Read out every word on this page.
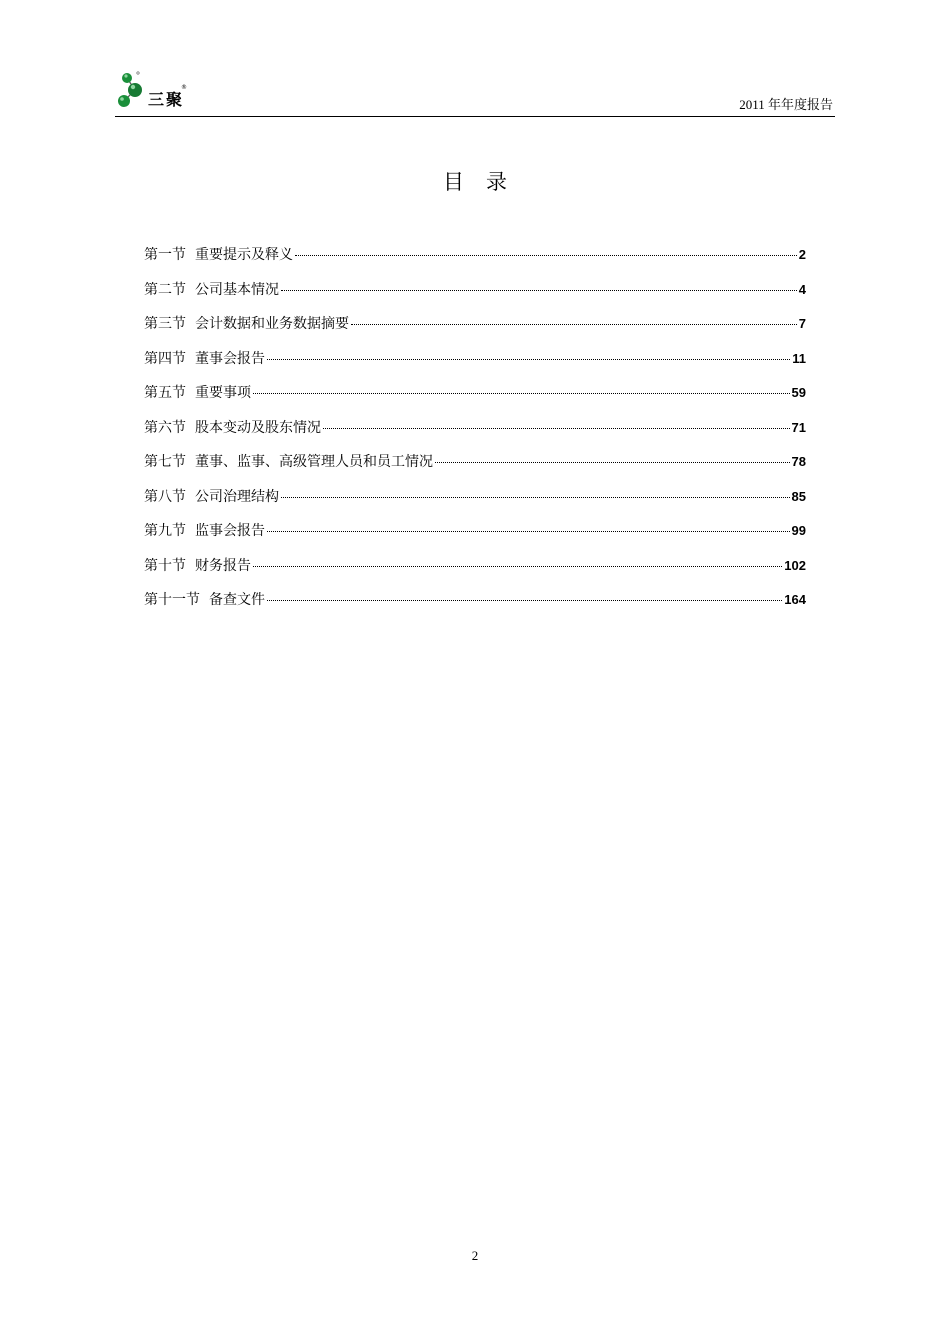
三聚
®
2011 年年度报告
目录
第一节 重要提示及释义	2
第二节 公司基本情况	4
第三节 会计数据和业务数据摘要	7
第四节 董事会报告	11
第五节 重要事项	59
第六节 股本变动及股东情况	71
第七节 董事、监事、高级管理人员和员工情况	78
第八节 公司治理结构	85
第九节 监事会报告	99
第十节 财务报告	102
第十一节 备查文件	164
2
